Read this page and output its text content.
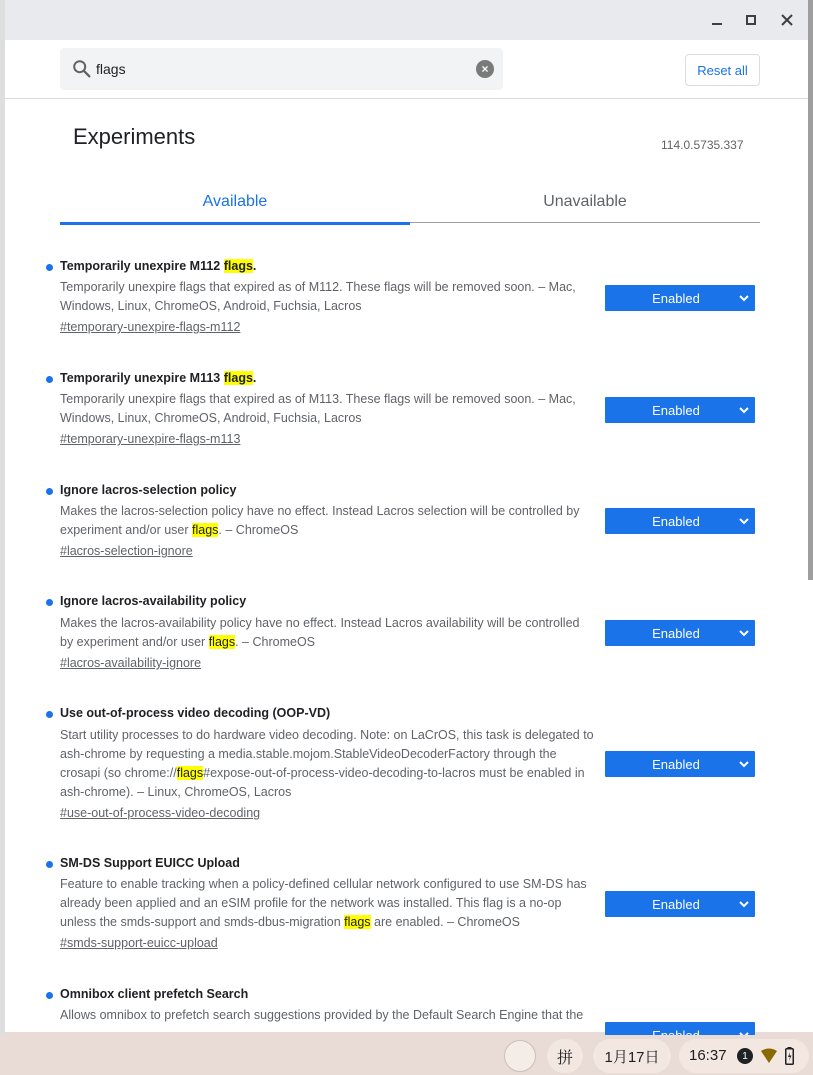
flags
×	Reset all
Experiments	114.0.5735.337
Available	Unavailable
Temporarily unexpire M112 flags.
Temporarily unexpire flags that expired as of M112. These flags will be removed soon. – Mac, Windows, Linux, ChromeOS, Android, Fuchsia, Lacros
#temporary-unexpire-flags-m112
Enabled
Temporarily unexpire M113 flags.
Temporarily unexpire flags that expired as of M113. These flags will be removed soon. – Mac, Windows, Linux, ChromeOS, Android, Fuchsia, Lacros
#temporary-unexpire-flags-m113
Enabled
Ignore lacros-selection policy
Makes the lacros-selection policy have no effect. Instead Lacros selection will be controlled by experiment and/or user flags. – ChromeOS
#lacros-selection-ignore
Enabled
Ignore lacros-availability policy
Makes the lacros-availability policy have no effect. Instead Lacros availability will be controlled by experiment and/or user flags. – ChromeOS
#lacros-availability-ignore
Enabled
Use out-of-process video decoding (OOP-VD)
Start utility processes to do hardware video decoding. Note: on LaCrOS, this task is delegated to ash-chrome by requesting a media.stable.mojom.StableVideoDecoderFactory through the crosapi (so chrome://flags#expose-out-of-process-video-decoding-to-lacros must be enabled in ash-chrome). – Linux, ChromeOS, Lacros
#use-out-of-process-video-decoding
Enabled
SM-DS Support EUICC Upload
Feature to enable tracking when a policy-defined cellular network configured to use SM-DS has already been applied and an eSIM profile for the network was installed. This flag is a no-op unless the smds-support and smds-dbus-migration flags are enabled. – ChromeOS
#smds-support-euicc-upload
Enabled
Omnibox client prefetch Search
Allows omnibox to prefetch search suggestions provided by the Default Search Engine that the
拼	1月17日	16:37	1
